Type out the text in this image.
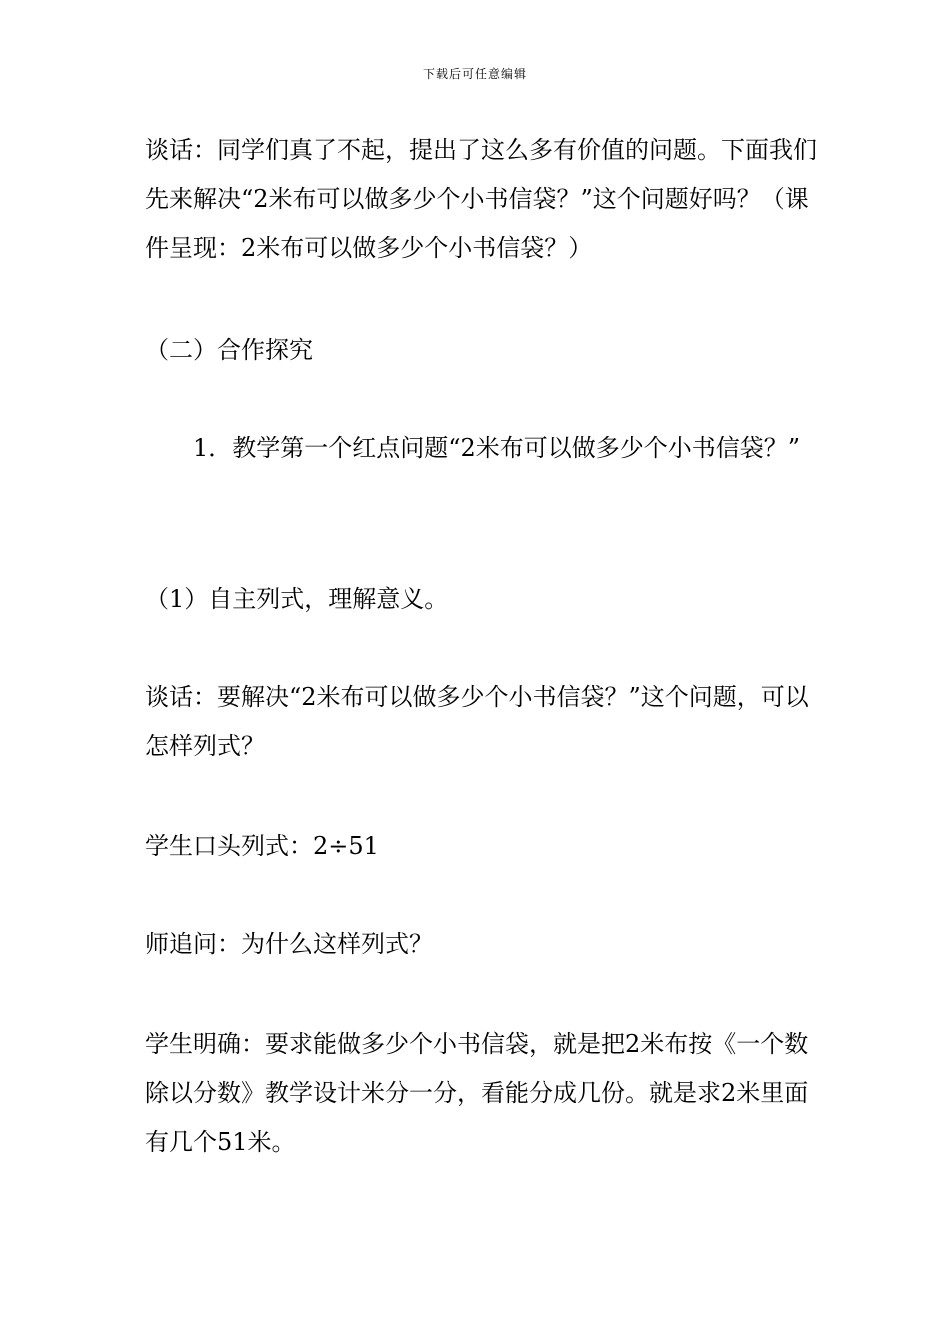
下载后可任意编辑

谈话：同学们真了不起，提出了这么多有价值的问题。下面我们先来解决“2米布可以做多少个小书信袋？”这个问题好吗？（课件呈现：2米布可以做多少个小书信袋？）

（二）合作探究

　　1．教学第一个红点问题“2米布可以做多少个小书信袋？”

（1）自主列式，理解意义。

谈话：要解决“2米布可以做多少个小书信袋？”这个问题，可以怎样列式？

学生口头列式：2÷51

师追问：为什么这样列式？

学生明确：要求能做多少个小书信袋，就是把2米布按《一个数除以分数》教学设计米分一分，看能分成几份。就是求2米里面有几个51米。
